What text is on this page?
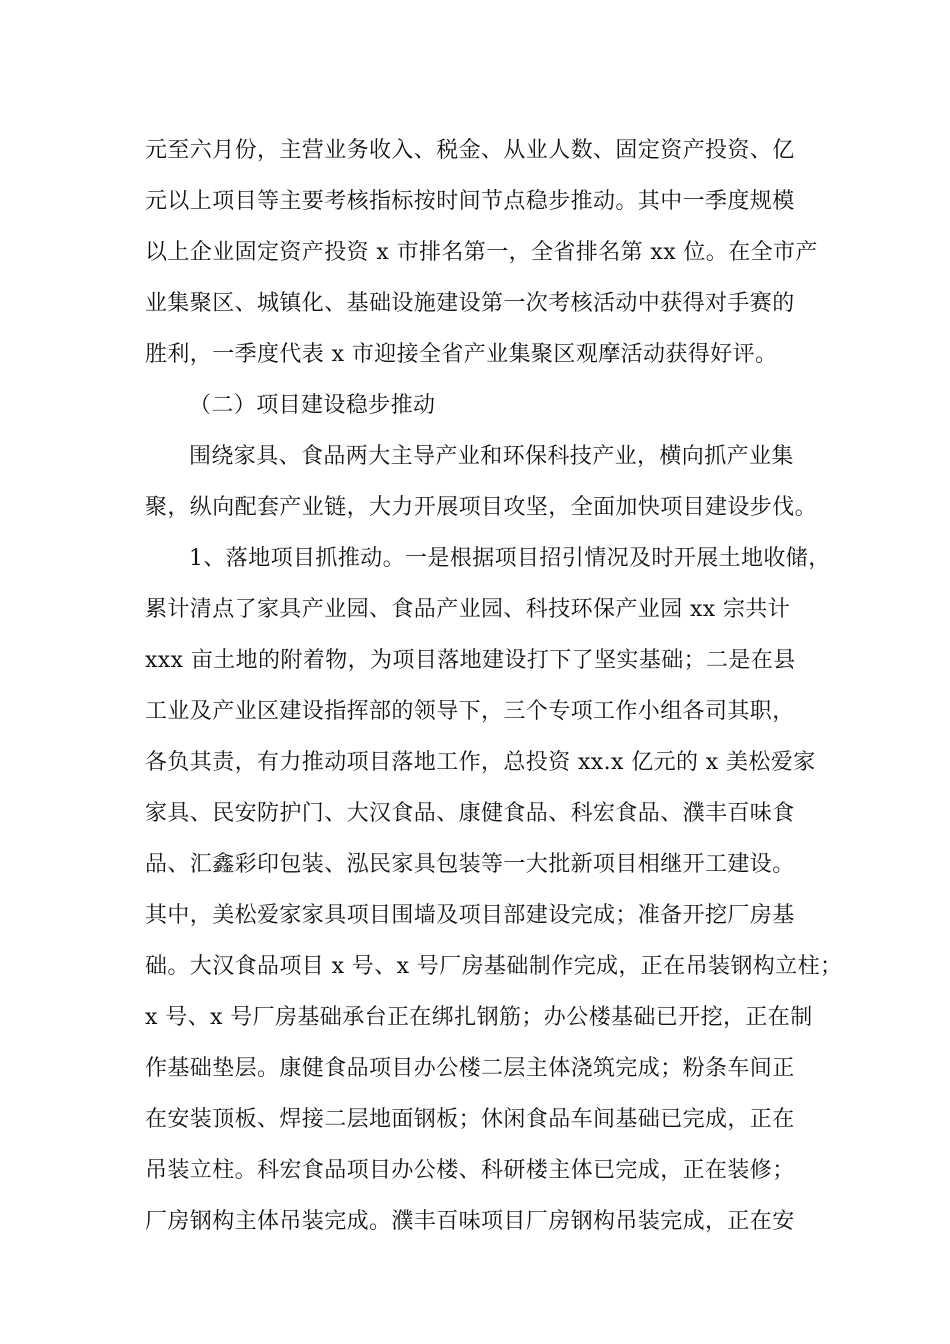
元至六月份，主营业务收入、税金、从业人数、固定资产投资、亿
元以上项目等主要考核指标按时间节点稳步推动。其中一季度规模
以上企业固定资产投资 x 市排名第一，全省排名第 xx 位。在全市产
业集聚区、城镇化、基础设施建设第一次考核活动中获得对手赛的
胜利，一季度代表 x 市迎接全省产业集聚区观摩活动获得好评。
（二）项目建设稳步推动
围绕家具、食品两大主导产业和环保科技产业，横向抓产业集
聚，纵向配套产业链，大力开展项目攻坚，全面加快项目建设步伐。
1、落地项目抓推动。一是根据项目招引情况及时开展土地收储，
累计清点了家具产业园、食品产业园、科技环保产业园 xx 宗共计
xxx 亩土地的附着物，为项目落地建设打下了坚实基础；二是在县
工业及产业区建设指挥部的领导下，三个专项工作小组各司其职，
各负其责，有力推动项目落地工作，总投资 xx.x 亿元的 x 美松爱家
家具、民安防护门、大汉食品、康健食品、科宏食品、濮丰百味食
品、汇鑫彩印包装、泓民家具包装等一大批新项目相继开工建设。
其中，美松爱家家具项目围墙及项目部建设完成；准备开挖厂房基
础。大汉食品项目 x 号、x 号厂房基础制作完成，正在吊装钢构立柱；
x 号、x 号厂房基础承台正在绑扎钢筋；办公楼基础已开挖，正在制
作基础垫层。康健食品项目办公楼二层主体浇筑完成；粉条车间正
在安装顶板、焊接二层地面钢板；休闲食品车间基础已完成，正在
吊装立柱。科宏食品项目办公楼、科研楼主体已完成，正在装修；
厂房钢构主体吊装完成。濮丰百味项目厂房钢构吊装完成，正在安
